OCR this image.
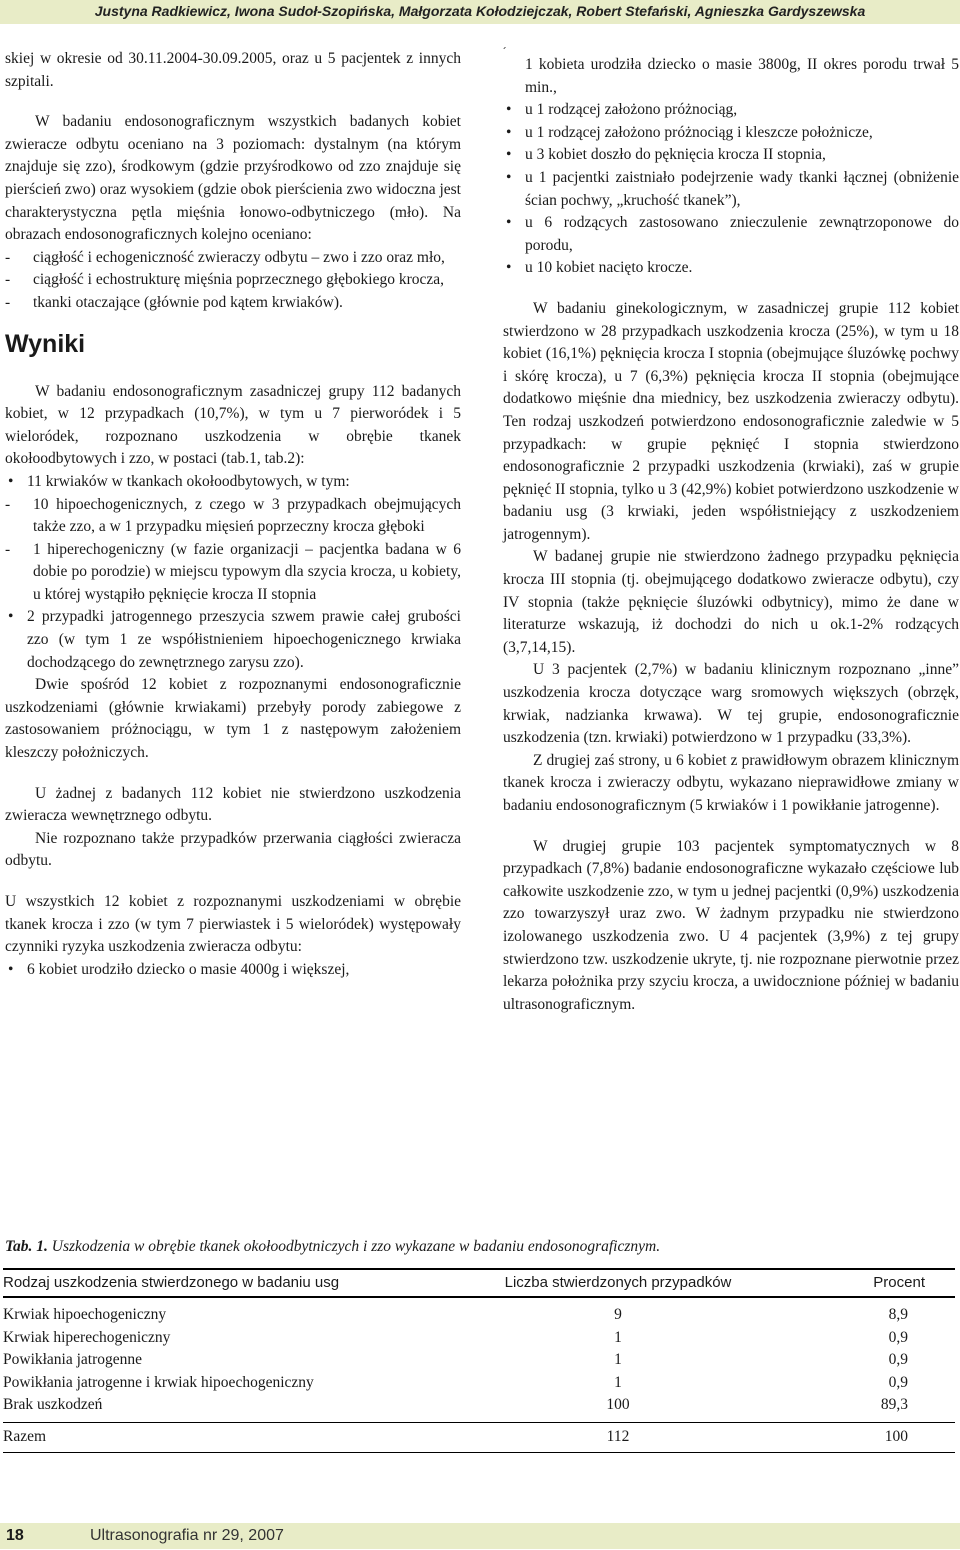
Justyna Radkiewicz, Iwona Sudoł-Szopińska, Małgorzata Kołodziejczak, Robert Stefański, Agnieszka Gardyszewska

skiej w okresie od 30.11.2004-30.09.2005, oraz u 5 pacjentek z innych szpitali.

W badaniu endosonograficznym wszystkich badanych kobiet zwieracze odbytu oceniano na 3 poziomach: dystalnym (na którym znajduje się zzo), środkowym (gdzie przyśrodkowo od zzo znajduje się pierścień zwo) oraz wysokiem (gdzie obok pierścienia zwo widoczna jest charakterystyczna pętla mięśnia łonowo-odbytniczego (mło). Na obrazach endosonograficznych kolejno oceniano:

- ciągłość i echogeniczność zwieraczy odbytu – zwo i zzo oraz mło,
- ciągłość i echostrukturę mięśnia poprzecznego głębokiego krocza,
- tkanki otaczające (głównie pod kątem krwiaków).
Wyniki

W badaniu endosonograficznym zasadniczej grupy 112 badanych kobiet, w 12 przypadkach (10,7%), w tym u 7 pierworódek i 5 wieloródek, rozpoznano uszkodzenia w obrębie tkanek okołoodbytowych i zzo, w postaci (tab.1, tab.2):

• 11 krwiaków w tkankach okołoodbytowych, w tym:
- 10 hipoechogenicznych, z czego w 3 przypadkach obejmujących także zzo, a w 1 przypadku mięsień poprzeczny krocza głęboki
- 1 hiperechogeniczny (w fazie organizacji – pacjentka badana w 6 dobie po porodzie) w miejscu typowym dla szycia krocza, u kobiety, u której wystąpiło pęknięcie krocza II stopnia
• 2 przypadki jatrogennego przeszycia szwem prawie całej grubości zzo (w tym 1 ze współistnieniem hipoechogenicznego krwiaka dochodzącego do zewnętrznego zarysu zzo).

Dwie spośród 12 kobiet z rozpoznanymi endosonograficznie uszkodzeniami (głównie krwiakami) przebyły porody zabiegowe z zastosowaniem próżnociągu, w tym 1 z następowym założeniem kleszczy położniczych.

U żadnej z badanych 112 kobiet nie stwierdzono uszkodzenia zwieracza wewnętrznego odbytu.

Nie rozpoznano także przypadków przerwania ciągłości zwieracza odbytu.

U wszystkich 12 kobiet z rozpoznanymi uszkodzeniami w obrębie tkanek krocza i zzo (w tym 7 pierwiastek i 5 wieloródek) występowały czynniki ryzyka uszkodzenia zwieracza odbytu:

• 6 kobiet urodziło dziecko o masie 4000g i większej,
´

1 kobieta urodziła dziecko o masie 3800g, II okres porodu trwał 5 min.,

• u 1 rodzącej założono próżnociąg,
• u 1 rodzącej założono próżnociąg i kleszcze położnicze,
• u 3 kobiet doszło do pęknięcia krocza II stopnia,
• u 1 pacjentki zaistniało podejrzenie wady tkanki łącznej (obniżenie ścian pochwy, „kruchość tkanek”),
• u 6 rodzących zastosowano znieczulenie zewnątrzoponowe do porodu,
• u 10 kobiet nacięto krocze.

W badaniu ginekologicznym, w zasadniczej grupie 112 kobiet stwierdzono w 28 przypadkach uszkodzenia krocza (25%), w tym u 18 kobiet (16,1%) pęknięcia krocza I stopnia (obejmujące śluzówkę pochwy i skórę krocza), u 7 (6,3%) pęknięcia krocza II stopnia (obejmujące dodatkowo mięśnie dna miednicy, bez uszkodzenia zwieraczy odbytu). Ten rodzaj uszkodzeń potwierdzono endosonograficznie zaledwie w 5 przypadkach: w grupie pęknięć I stopnia stwierdzono endosonograficznie 2 przypadki uszkodzenia (krwiaki), zaś w grupie pęknięć II stopnia, tylko u 3 (42,9%) kobiet potwierdzono uszkodzenie w badaniu usg (3 krwiaki, jeden współistniejący z uszkodzeniem jatrogennym).

W badanej grupie nie stwierdzono żadnego przypadku pęknięcia krocza III stopnia (tj. obejmującego dodatkowo zwieracze odbytu), czy IV stopnia (także pęknięcie śluzówki odbytnicy), mimo że dane w literaturze wskazują, iż dochodzi do nich u ok.1-2% rodzących (3,7,14,15).

U 3 pacjentek (2,7%) w badaniu klinicznym rozpoznano „inne” uszkodzenia krocza dotyczące warg sromowych większych (obrzęk, krwiak, nadzianka krwawa). W tej grupie, endosonograficznie uszkodzenia (tzn. krwiaki) potwierdzono w 1 przypadku (33,3%).

Z drugiej zaś strony, u 6 kobiet z prawidłowym obrazem klinicznym tkanek krocza i zwieraczy odbytu, wykazano nieprawidłowe zmiany w badaniu endosonograficznym (5 krwiaków i 1 powikłanie jatrogenne).

W drugiej grupie 103 pacjentek symptomatycznych w 8 przypadkach (7,8%) badanie endosonograficzne wykazało częściowe lub całkowite uszkodzenie zzo, w tym u jednej pacjentki (0,9%) uszkodzenia zzo towarzyszył uraz zwo. W żadnym przypadku nie stwierdzono izolowanego uszkodzenia zwo. U 4 pacjentek (3,9%) z tej grupy stwierdzono tzw. uszkodzenie ukryte, tj. nie rozpoznane pierwotnie przez lekarza położnika przy szyciu krocza, a uwidocznione później w badaniu ultrasonograficznym.

Tab. 1. Uszkodzenia w obrębie tkanek okołoodbytniczych i zzo wykazane w badaniu endosonograficznym.
Rodzaj uszkodzenia stwierdzonego w badaniu usg	Liczba stwierdzonych przypadków	Procent
Krwiak hipoechogeniczny	9	8,9
Krwiak hiperechogeniczny	1	0,9
Powikłania jatrogenne	1	0,9
Powikłania jatrogenne i krwiak hipoechogeniczny	1	0,9
Brak uszkodzeń	100	89,3
Razem	112	100
18	Ultrasonografia nr 29, 2007
